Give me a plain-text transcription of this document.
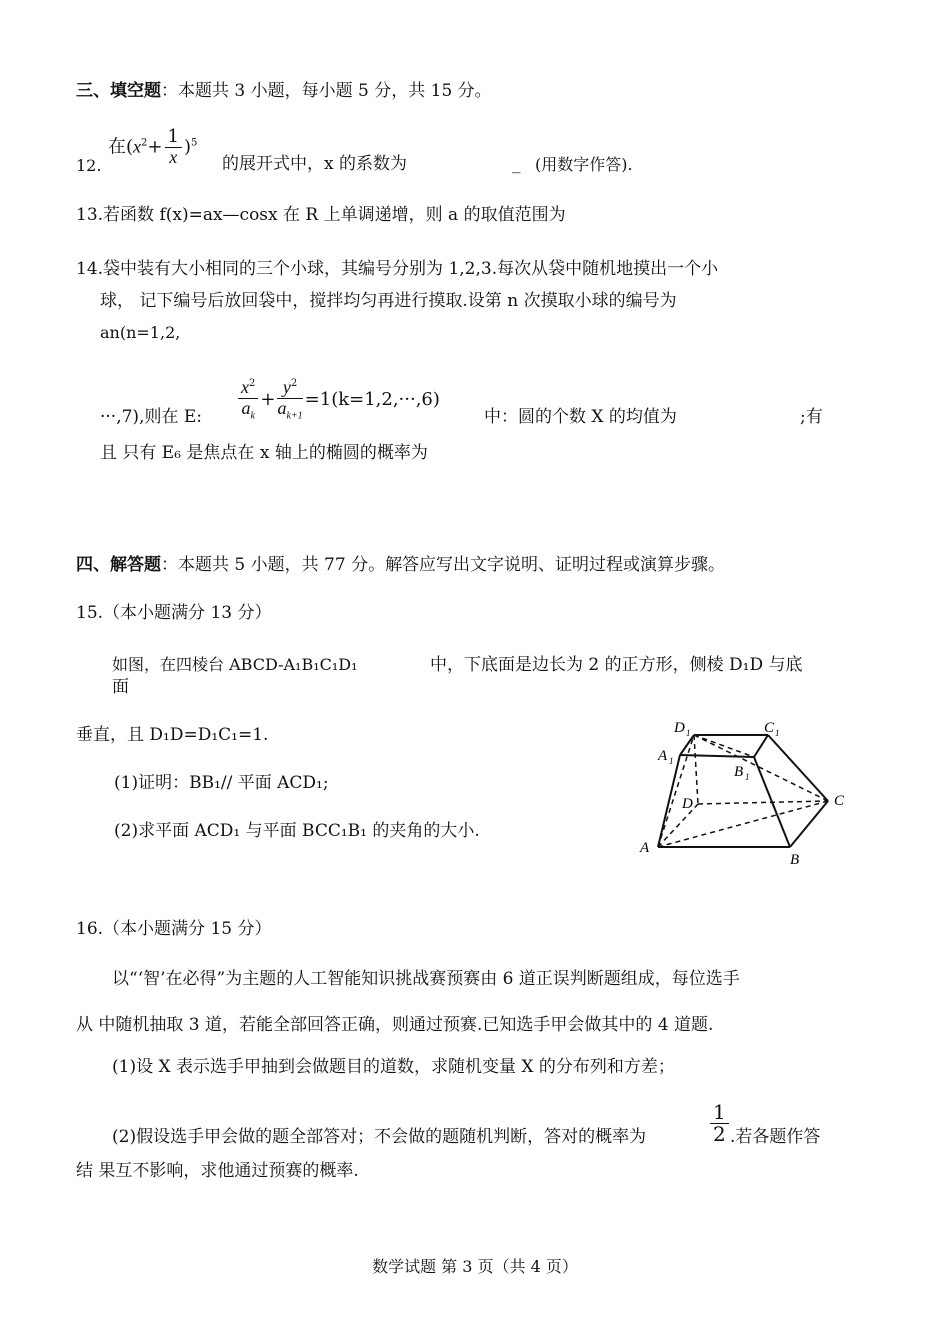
三、填空题：本题共 3 小题，每小题 5 分，共 15 分。
12.
在$(x^2+ \frac{1}{x} )^5$
的展开式中，x 的系数为	_ (用数字作答).
13.若函数 f(x)=ax—cosx 在 R 上单调递增，则 a 的取值范围为
14.袋中装有大小相同的三个小球，其编号分别为 1,2,3.每次从袋中随机地摸出一个小
球， 记下编号后放回袋中，搅拌均匀再进行摸取.设第 n 次摸取小球的编号为
an(n=1,2,
···,7),则在 E: $\frac{x^2}{a_k} + \frac{y^2}{a_{k+1}} =1(k=1,2,\cdot\cdot\cdot,6)$
中：圆的个数 X 的均值为	;有
且 只有 E₆ 是焦点在 x 轴上的椭圆的概率为
四、解答题：本题共 5 小题，共 77 分。解答应写出文字说明、证明过程或演算步骤。
15.（本小题满分 13 分）
如图，在四棱台 ABCD-A₁B₁C₁D₁	中，下底面是边长为 2 的正方形，侧棱 D₁D 与底
面
垂直，且 D₁D=D₁C₁=1.
(1)证明：BB₁// 平面 ACD₁;
(2)求平面 ACD₁ 与平面 BCC₁B₁ 的夹角的大小.
A
B
C
D
A 1
B 1
C 1
D 1
16.（本小题满分 15 分）
以“‘智’在必得”为主题的人工智能知识挑战赛预赛由 6 道正误判断题组成，每位选手
从 中随机抽取 3 道，若能全部回答正确，则通过预赛.已知选手甲会做其中的 4 道题.
(1)设 X 表示选手甲抽到会做题目的道数，求随机变量 X 的分布列和方差；
(2)假设选手甲会做的题全部答对；不会做的题随机判断，答对的概率为	$\frac{1}{2}$ .若各题作答
结 果互不影响，求他通过预赛的概率.
数学试题 第 3 页（共 4 页）
